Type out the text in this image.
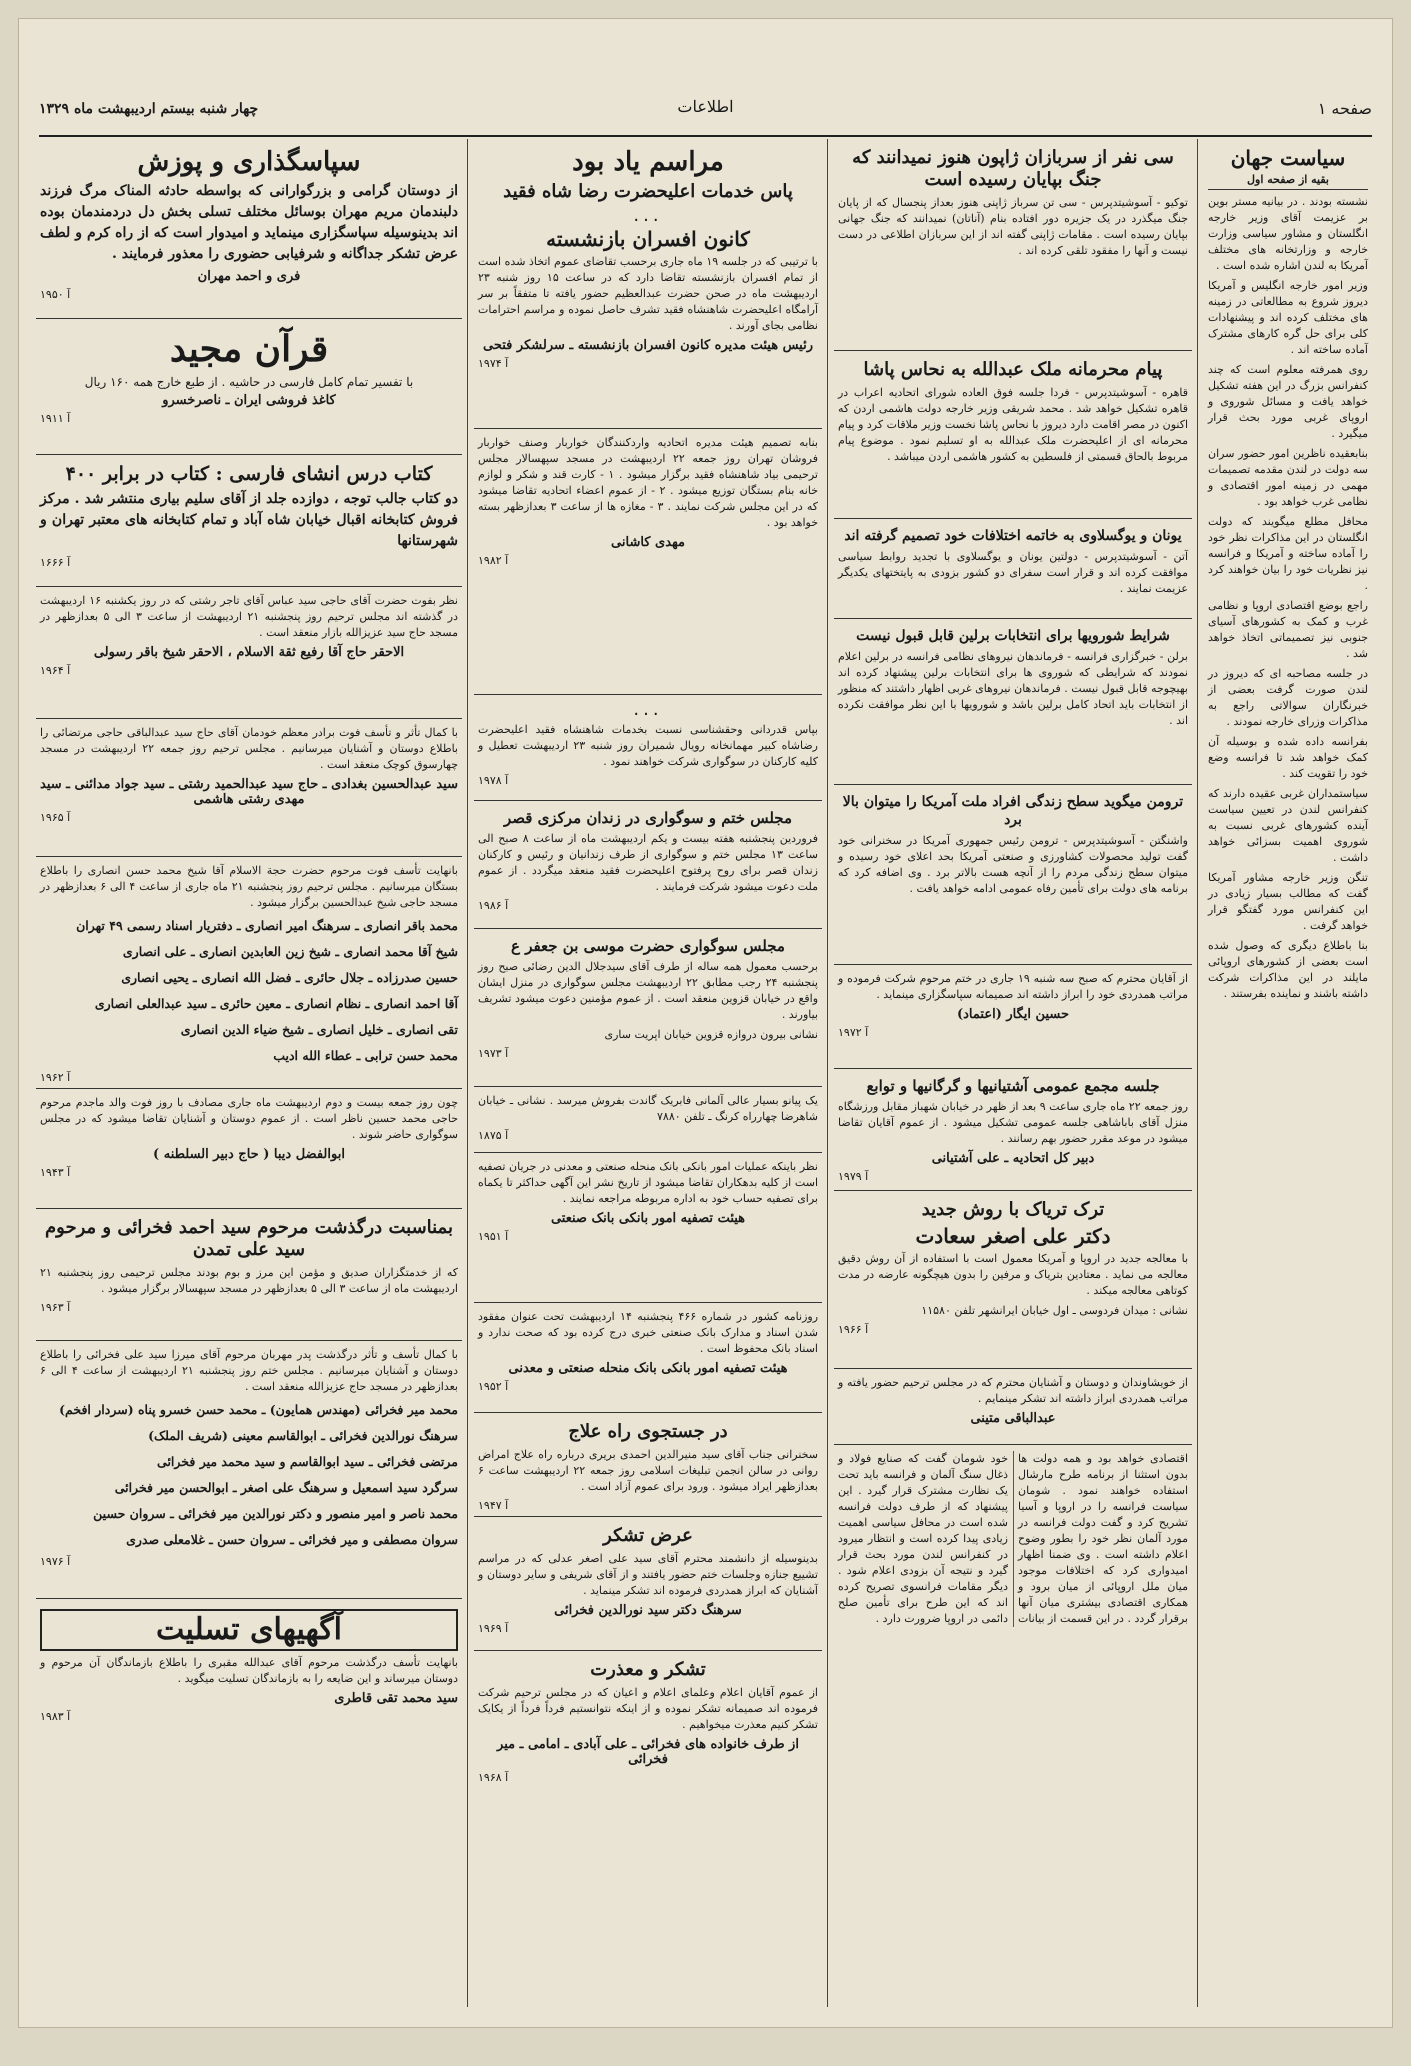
صفحه ۱
اطلاعات
چهار شنبه بیستم اردیبهشت ماه ۱۳۲۹
سیاست جهان
بقیه از صفحه اول

نشسته بودند . در بیانیه مستر بوین بر عزیمت آقای وزیر خارجه انگلستان و مشاور سیاسی وزارت خارجه و وزارتخانه های مختلف آمریکا به لندن اشاره شده است .

وزیر امور خارجه انگلیس و آمریکا دیروز شروع به مطالعاتی در زمینه های مختلف کرده اند و پیشنهادات کلی برای حل گره کارهای مشترک آماده ساخته اند .

روی همرفته معلوم است که چند کنفرانس بزرگ در این هفته تشکیل خواهد یافت و مسائل شوروی و اروپای غربی مورد بحث قرار میگیرد .

بنابعقیده ناظرین امور حضور سران سه دولت در لندن مقدمه تصمیمات مهمی در زمینه امور اقتصادی و نظامی غرب خواهد بود .

محافل مطلع میگویند که دولت انگلستان در این مذاکرات نظر خود را آماده ساخته و آمریکا و فرانسه نیز نظریات خود را بیان خواهند کرد .

راجع بوضع اقتصادی اروپا و نظامی غرب و کمک به کشورهای آسیای جنوبی نیز تصمیماتی اتخاذ خواهد شد .

در جلسه مصاحبه ای که دیروز در لندن صورت گرفت بعضی از خبرنگاران سوالاتی راجع به مذاکرات وزرای خارجه نمودند .

بفرانسه داده شده و بوسیله آن کمک خواهد شد تا فرانسه وضع خود را تقویت کند .

سیاستمداران غربی عقیده دارند که کنفرانس لندن در تعیین سیاست آینده کشورهای غربی نسبت به شوروی اهمیت بسزائی خواهد داشت .

تنگن وزیر خارجه مشاور آمریکا گفت که مطالب بسیار زیادی در این کنفرانس مورد گفتگو قرار خواهد گرفت .

بنا باطلاع دیگری که وصول شده است بعضی از کشورهای اروپائی مایلند در این مذاکرات شرکت داشته باشند و نماینده بفرستند .

سی نفر از سربازان ژاپون هنوز نمیدانند که جنگ بپایان رسیده است

توکیو - آسوشیتدپرس - سی تن سرباز ژاپنی هنوز بعداز پنجسال که از پایان جنگ میگذرد در یک جزیره دور افتاده بنام (آناتان) نمیدانند که جنگ جهانی بپایان رسیده است . مقامات ژاپنی گفته اند از این سربازان اطلاعی در دست نیست و آنها را مفقود تلقی کرده اند .

پیام محرمانه ملک عبدالله به نحاس پاشا

قاهره - آسوشیتدپرس - فردا جلسه فوق العاده شورای اتحادیه اعراب در قاهره تشکیل خواهد شد . محمد شریقی وزیر خارجه دولت هاشمی اردن که اکنون در مصر اقامت دارد دیروز با نحاس پاشا نخست وزیر ملاقات کرد و پیام محرمانه ای از اعلیحضرت ملک عبدالله به او تسلیم نمود . موضوع پیام مربوط بالحاق قسمتی از فلسطین به کشور هاشمی اردن میباشد .

یونان و یوگسلاوی به خاتمه اختلافات خود تصمیم گرفته اند

آتن - آسوشیتدپرس - دولتین یونان و یوگسلاوی با تجدید روابط سیاسی موافقت کرده اند و قرار است سفرای دو کشور بزودی به پایتختهای یکدیگر عزیمت نمایند .

شرایط شورویها برای انتخابات برلین قابل قبول نیست

برلن - خبرگزاری فرانسه - فرماندهان نیروهای نظامی فرانسه در برلین اعلام نمودند که شرایطی که شوروی ها برای انتخابات برلین پیشنهاد کرده اند بهیچوجه قابل قبول نیست . فرماندهان نیروهای غربی اظهار داشتند که منظور از انتخابات باید اتحاد کامل برلین باشد و شورویها با این نظر موافقت نکرده اند .

ترومن میگوید سطح زندگی افراد ملت آمریکا را میتوان بالا برد

واشنگتن - آسوشیتدپرس - ترومن رئیس جمهوری آمریکا در سخنرانی خود گفت تولید محصولات کشاورزی و صنعتی آمریکا بحد اعلای خود رسیده و میتوان سطح زندگی مردم را از آنچه هست بالاتر برد . وی اضافه کرد که برنامه های دولت برای تأمین رفاه عمومی ادامه خواهد یافت .

از آقایان محترم که صبح سه شنبه ۱۹ جاری در ختم مرحوم شرکت فرموده و مراتب همدردی خود را ابراز داشته اند صمیمانه سپاسگزاری مینماید .

حسین ایگار (اعتماد)
آ ۱۹۷۲
جلسه مجمع عمومی آشتیانیها و گرگانیها و توابع

روز جمعه ۲۲ ماه جاری ساعت ۹ بعد از ظهر در خیابان شهباز مقابل ورزشگاه منزل آقای باباشاهی جلسه عمومی تشکیل میشود . از عموم آقایان تقاضا میشود در موعد مقرر حضور بهم رسانند .

دبیر کل اتحادیه ـ علی آشتیانی
آ ۱۹۷۹
ترک تریاک با روش جدید
دکتر علی اصغر سعادت

با معالجه جدید در اروپا و آمریکا معمول است با استفاده از آن روش دقیق معالجه می نماید . معتادین بتریاک و مرفین را بدون هیچگونه عارضه در مدت کوتاهی معالجه میکند .

نشانی : میدان فردوسی ـ اول خیابان ایرانشهر تلفن ۱۱۵۸۰

آ ۱۹۶۶

از خویشاوندان و دوستان و آشنایان محترم که در مجلس ترحیم حضور یافته و مراتب همدردی ابراز داشته اند تشکر مینمایم .

عبدالباقی متینی

اقتصادی خواهد بود و همه دولت ها بدون استثنا از برنامه طرح مارشال استفاده خواهند نمود . شومان سیاست فرانسه را در اروپا و آسیا تشریح کرد و گفت دولت فرانسه در مورد آلمان نظر خود را بطور وضوح اعلام داشته است . وی ضمنا اظهار امیدواری کرد که اختلافات موجود میان ملل اروپائی از میان برود و همکاری اقتصادی بیشتری میان آنها برقرار گردد . در این قسمت از بیانات خود شومان گفت که صنایع فولاد و ذغال سنگ آلمان و فرانسه باید تحت یک نظارت مشترک قرار گیرد . این پیشنهاد که از طرف دولت فرانسه شده است در محافل سیاسی اهمیت زیادی پیدا کرده است و انتظار میرود در کنفرانس لندن مورد بحث قرار گیرد و نتیجه آن بزودی اعلام شود . دیگر مقامات فرانسوی تصریح کرده اند که این طرح برای تأمین صلح دائمی در اروپا ضرورت دارد .

مراسم یاد بود
پاس خدمات اعلیحضرت رضا شاه فقید
...
کانون افسران بازنشسته

با ترتیبی که در جلسه ۱۹ ماه جاری برحسب تقاضای عموم اتخاذ شده است از تمام افسران بازنشسته تقاضا دارد که در ساعت ۱۵ روز شنبه ۲۳ اردیبهشت ماه در صحن حضرت عبدالعظیم حضور یافته تا متفقاً بر سر آرامگاه اعلیحضرت شاهنشاه فقید تشرف حاصل نموده و مراسم احترامات نظامی بجای آورند .

رئیس هیئت مدیره کانون افسران بازنشسته ـ سرلشکر فتحی
آ ۱۹۷۴

بنابه تصمیم هیئت مدیره اتحادیه واردکنندگان خواربار وصنف خواربار فروشان تهران روز جمعه ۲۲ اردیبهشت در مسجد سپهسالار مجلس ترحیمی بیاد شاهنشاه فقید برگزار میشود . ۱ - کارت قند و شکر و لوازم خانه بنام بستگان توزیع میشود . ۲ - از عموم اعضاء اتحادیه تقاضا میشود که در این مجلس شرکت نمایند . ۳ - مغازه ها از ساعت ۳ بعدازظهر بسته خواهد بود .

مهدی کاشانی
آ ۱۹۸۲
...

بپاس قدردانی وحقشناسی نسبت بخدمات شاهنشاه فقید اعلیحضرت رضاشاه کبیر مهمانخانه رویال شمیران روز شنبه ۲۳ اردیبهشت تعطیل و کلیه کارکنان در سوگواری شرکت خواهند نمود .

آ ۱۹۷۸
مجلس ختم و سوگواری در زندان مرکزی قصر

فروردین پنجشنبه هفته بیست و یکم اردیبهشت ماه از ساعت ۸ صبح الی ساعت ۱۳ مجلس ختم و سوگواری از طرف زندانیان و رئیس و کارکنان زندان قصر برای روح پرفتوح اعلیحضرت فقید منعقد میگردد . از عموم ملت دعوت میشود شرکت فرمایند .

آ ۱۹۸۶
مجلس سوگواری حضرت موسی بن جعفر ع

برحسب معمول همه ساله از طرف آقای سیدجلال الدین رضائی صبح روز پنجشنبه ۲۴ رجب مطابق ۲۲ اردیبهشت مجلس سوگواری در منزل ایشان واقع در خیابان قزوین منعقد است . از عموم مؤمنین دعوت میشود تشریف بیاورند .

نشانی بیرون دروازه قزوین خیابان اپریت ساری

آ ۱۹۷۳

یک پیانو بسیار عالی آلمانی فابریک گاندت بفروش میرسد . نشانی ـ خیابان شاهرضا چهارراه کرنگ ـ تلفن ۷۸۸۰

آ ۱۸۷۵

نظر باینکه عملیات امور بانکی بانک منحله صنعتی و معدنی در جریان تصفیه است از کلیه بدهکاران تقاضا میشود از تاریخ نشر این آگهی حداکثر تا یکماه برای تصفیه حساب خود به اداره مربوطه مراجعه نمایند .

هیئت تصفیه امور بانکی بانک صنعتی
آ ۱۹۵۱

روزنامه کشور در شماره ۴۶۶ پنجشنبه ۱۴ اردیبهشت تحت عنوان مفقود شدن اسناد و مدارک بانک صنعتی خبری درج کرده بود که صحت ندارد و اسناد بانک محفوظ است .

هیئت تصفیه امور بانکی بانک منحله صنعتی و معدنی
آ ۱۹۵۲
در جستجوی راه علاج

سخنرانی جناب آقای سید منیرالدین احمدی بریری درباره راه علاج امراض روانی در سالن انجمن تبلیغات اسلامی روز جمعه ۲۲ اردیبهشت ساعت ۶ بعدازظهر ایراد میشود . ورود برای عموم آزاد است .

آ ۱۹۴۷
عرض تشکر

بدینوسیله از دانشمند محترم آقای سید علی اصغر عدلی که در مراسم تشییع جنازه وجلسات ختم حضور یافتند و از آقای شریفی و سایر دوستان و آشنایان که ابراز همدردی فرموده اند تشکر مینماید .

سرهنگ دکتر سید نورالدین فخرائی
آ ۱۹۶۹
تشکر و معذرت

از عموم آقایان اعلام وعلمای اعلام و اعیان که در مجلس ترحیم شرکت فرموده اند صمیمانه تشکر نموده و از اینکه نتوانستیم فرداً فرداً از یکایک تشکر کنیم معذرت میخواهیم .

از طرف خانواده های فخرائی ـ علی آبادی ـ امامی ـ میر فخرائی
آ ۱۹۶۸
سپاسگذاری و پوزش

از دوستان گرامی و بزرگوارانی که بواسطه حادثه المناک مرگ فرزند دلبندمان مریم مهران بوسائل مختلف تسلی بخش دل دردمندمان بوده اند بدینوسیله سپاسگزاری مینماید و امیدوار است که از راه کرم و لطف عرض تشکر جداگانه و شرفیابی حضوری را معذور فرمایند .

فری و احمد مهران
آ ۱۹۵۰
قرآن مجید
با تفسیر تمام کامل فارسی در حاشیه . از طبع خارج همه ۱۶۰ ریال
کاغذ فروشی ایران ـ ناصرخسرو
آ ۱۹۱۱
کتاب درس انشای فارسی : کتاب در برابر ۴۰۰

دو کتاب جالب توجه ، دوازده جلد از آقای سلیم بیاری منتشر شد . مرکز فروش کتابخانه اقبال خیابان شاه آباد و تمام کتابخانه های معتبر تهران و شهرستانها

آ ۱۶۶۶

نظر بفوت حضرت آقای حاجی سید عباس آقای تاجر رشتی که در روز یکشنبه ۱۶ اردیبهشت در گذشته اند مجلس ترحیم روز پنجشنبه ۲۱ اردیبهشت از ساعت ۳ الی ۵ بعدازظهر در مسجد حاج سید عزیزالله بازار منعقد است .

الاحقر حاج آقا رفیع ثقة الاسلام ، الاحقر شیخ باقر رسولی
آ ۱۹۶۴

با کمال تأثر و تأسف فوت برادر معظم خودمان آقای حاج سید عبدالباقی حاجی مرتضائی را باطلاع دوستان و آشنایان میرسانیم . مجلس ترحیم روز جمعه ۲۲ اردیبهشت در مسجد چهارسوق کوچک منعقد است .

سید عبدالحسین بغدادی ـ حاج سید عبدالحمید رشتی ـ سید جواد مدائنی ـ سید مهدی رشتی هاشمی
آ ۱۹۶۵

بانهایت تأسف فوت مرحوم حضرت حجة الاسلام آقا شیخ محمد حسن انصاری را باطلاع بستگان میرسانیم . مجلس ترحیم روز پنجشنبه ۲۱ ماه جاری از ساعت ۴ الی ۶ بعدازظهر در مسجد حاجی شیخ عبدالحسین برگزار میشود .

محمد باقر انصاری ـ سرهنگ امیر انصاری ـ دفتریار اسناد رسمی ۴۹ تهران

شیخ آقا محمد انصاری ـ شیخ زین العابدین انصاری ـ علی انصاری

حسین صدرزاده ـ جلال حائری ـ فضل الله انصاری ـ یحیی انصاری

آقا احمد انصاری ـ نظام انصاری ـ معین حائری ـ سید عبدالعلی انصاری

تقی انصاری ـ خلیل انصاری ـ شیخ ضیاء الدین انصاری

محمد حسن ترابی ـ عطاء الله ادیب

آ ۱۹۶۲

چون روز جمعه بیست و دوم اردیبهشت ماه جاری مصادف با روز فوت والد ماجدم مرحوم حاجی محمد حسین ناظر است . از عموم دوستان و آشنایان تقاضا میشود که در مجلس سوگواری حاضر شوند .

ابوالفضل دیبا ( حاج دبیر السلطنه )
آ ۱۹۴۳
بمناسبت درگذشت مرحوم سید احمد فخرائی و مرحوم سید علی تمدن

که از خدمتگزاران صدیق و مؤمن این مرز و بوم بودند مجلس ترحیمی روز پنجشنبه ۲۱ اردیبهشت ماه از ساعت ۳ الی ۵ بعدازظهر در مسجد سپهسالار برگزار میشود .

آ ۱۹۶۳

با کمال تأسف و تأثر درگذشت پدر مهربان مرحوم آقای میرزا سید علی فخرائی را باطلاع دوستان و آشنایان میرسانیم . مجلس ختم روز پنجشنبه ۲۱ اردیبهشت از ساعت ۴ الی ۶ بعدازظهر در مسجد حاج عزیزالله منعقد است .

محمد میر فخرائی (مهندس همایون) ـ محمد حسن خسرو پناه (سردار افخم)

سرهنگ نورالدین فخرائی ـ ابوالقاسم معینی (شریف الملک)

مرتضی فخرائی ـ سید ابوالقاسم و سید محمد میر فخرائی

سرگرد سید اسمعیل و سرهنگ علی اصغر ـ ابوالحسن میر فخرائی

محمد ناصر و امیر منصور و دکتر نورالدین میر فخرائی ـ سروان حسین

سروان مصطفی و میر فخرائی ـ سروان حسن ـ غلامعلی صدری

آ ۱۹۷۶
آگهیهای تسلیت

بانهایت تأسف درگذشت مرحوم آقای عبدالله مقبری را باطلاع بازماندگان آن مرحوم و دوستان میرساند و این ضایعه را به بازماندگان تسلیت میگوید .

سید محمد تقی قاطری
آ ۱۹۸۳
